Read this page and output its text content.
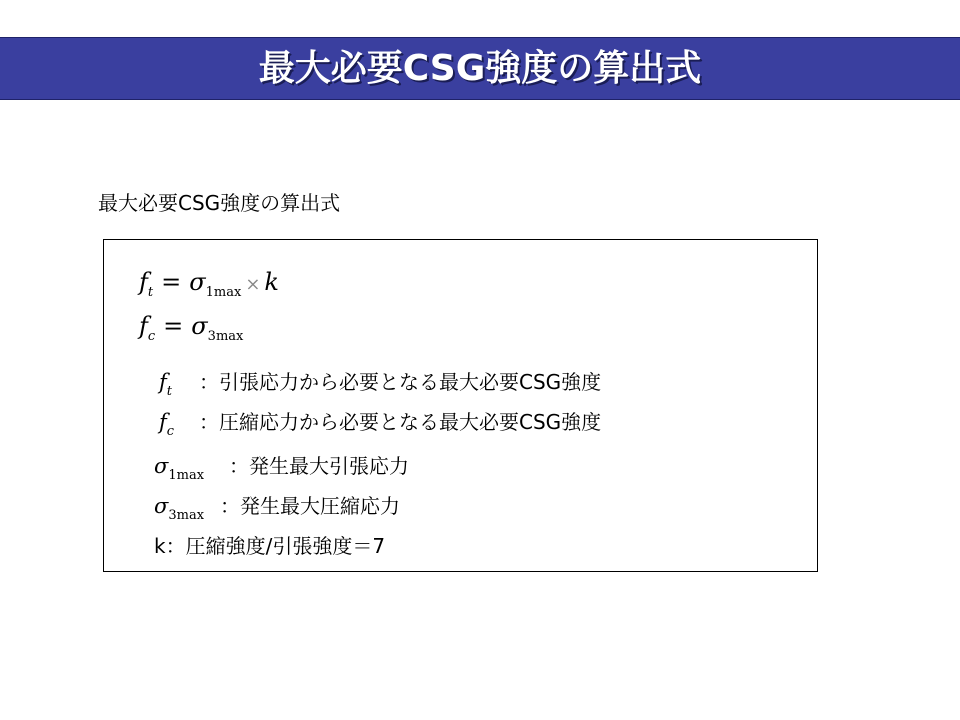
最大必要CSG強度の算出式
最大必要CSG強度の算出式
$f_t = \sigma_{1max} \times k$
$f_c = \sigma_{3max}$
$f_t$ ：引張応力から必要となる最大必要CSG強度
$f_c$ ：圧縮応力から必要となる最大必要CSG強度
$\sigma_{1max}$ ：発生最大引張応力
$\sigma_{3max}$ ：発生最大圧縮応力
k：圧縮強度/引張強度＝7
